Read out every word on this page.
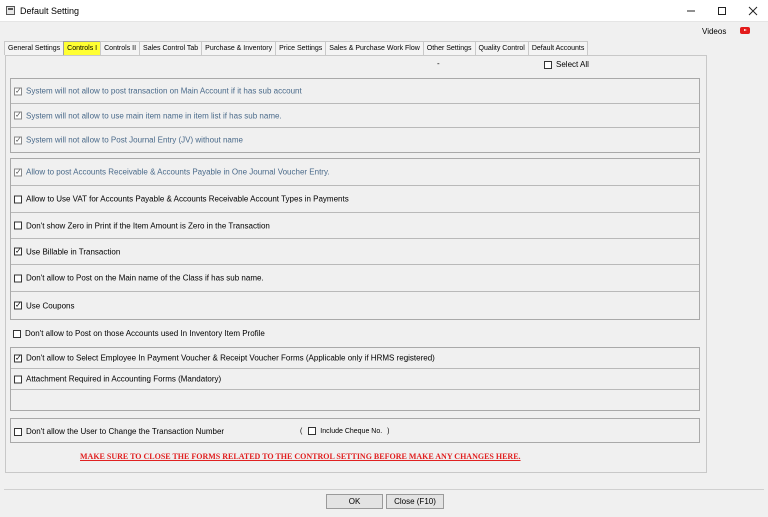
Default Setting
Videos
General Settings	Controls I	Controls II	Sales Control Tab	Purchase & Inventory	Price Settings	Sales & Purchase Work Flow	Other Settings	Quality Control	Default Accounts
-	Select All
✓System will not allow to post transaction on Main Account if it has sub account
✓System will not allow to use main item name in item list if has sub name.
✓System will not allow to Post Journal Entry (JV) without name
✓Allow to post Accounts Receivable & Accounts Payable in One Journal Voucher Entry.
Allow to Use VAT for Accounts Payable & Accounts Receivable Account Types in Payments
Don't show Zero in Print if the Item Amount is Zero in the Transaction
✓Use Billable in Transaction
Don't allow to Post on the Main name of the Class if has sub name.
✓Use Coupons
Don't allow to Post on those Accounts used In Inventory Item Profile
✓Don't allow to Select Employee In Payment Voucher & Receipt Voucher Forms (Applicable only if HRMS registered)
Attachment Required in Accounting Forms (Mandatory)
Don't allow the User to Change the Transaction Number	(	Include Cheque No. )
MAKE SURE TO CLOSE THE FORMS RELATED TO THE CONTROL SETTING BEFORE MAKE ANY CHANGES HERE.
OK	Close (F10)
